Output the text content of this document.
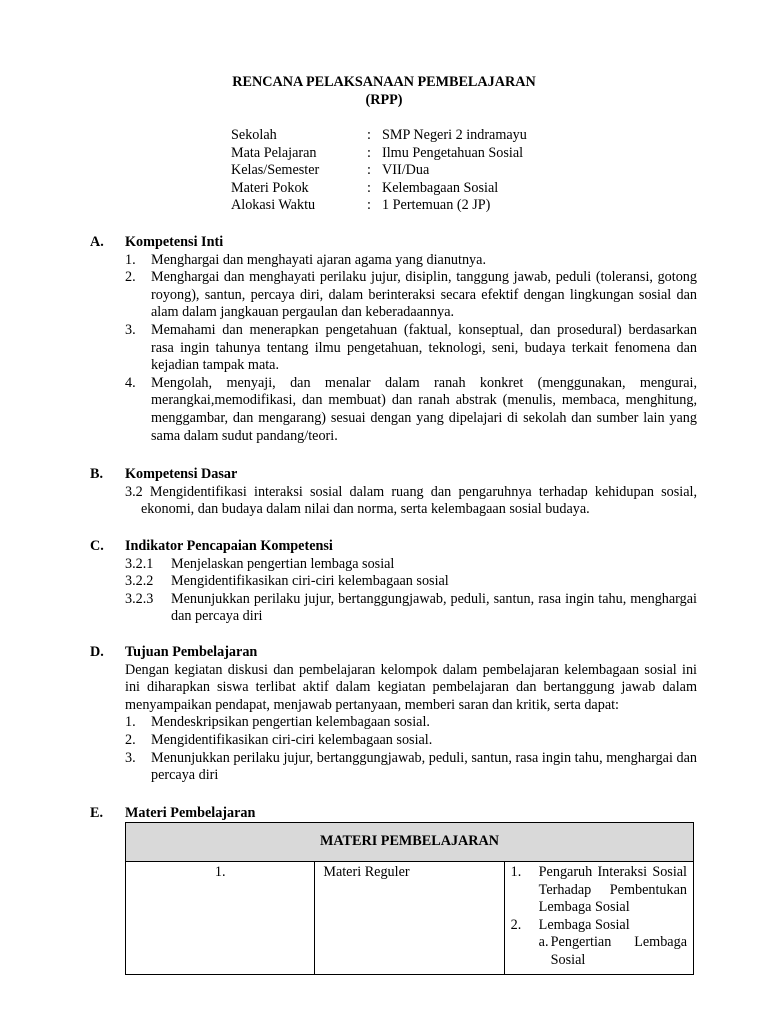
RENCANA PELAKSANAAN PEMBELAJARAN
(RPP)
Sekolah	: SMP Negeri 2 indramayu
Mata Pelajaran	: Ilmu Pengetahuan Sosial
Kelas/Semester	: VII/Dua
Materi Pokok	: Kelembagaan Sosial
Alokasi Waktu	: 1 Pertemuan (2 JP)
A. Kompetensi Inti
1. Menghargai dan menghayati ajaran agama yang dianutnya.
2. Menghargai dan menghayati perilaku jujur, disiplin, tanggung jawab, peduli (toleransi, gotong royong), santun, percaya diri, dalam berinteraksi secara efektif dengan lingkungan sosial dan alam dalam jangkauan pergaulan dan keberadaannya.
3. Memahami dan menerapkan pengetahuan (faktual, konseptual, dan prosedural) berdasarkan rasa ingin tahunya tentang ilmu pengetahuan, teknologi, seni, budaya terkait fenomena dan kejadian tampak mata.
4. Mengolah, menyaji, dan menalar dalam ranah konkret (menggunakan, mengurai, merangkai,memodifikasi, dan membuat) dan ranah abstrak (menulis, membaca, menghitung, menggambar, dan mengarang) sesuai dengan yang dipelajari di sekolah dan sumber lain yang sama dalam sudut pandang/teori.
B. Kompetensi Dasar
3.2 Mengidentifikasi interaksi sosial dalam ruang dan pengaruhnya terhadap kehidupan sosial, ekonomi, dan budaya dalam nilai dan norma, serta kelembagaan sosial budaya.
C. Indikator Pencapaian Kompetensi
3.2.1 Menjelaskan pengertian lembaga sosial
3.2.2 Mengidentifikasikan ciri-ciri kelembagaan sosial
3.2.3 Menunjukkan perilaku jujur, bertanggungjawab, peduli, santun, rasa ingin tahu, menghargai dan percaya diri
D. Tujuan Pembelajaran
Dengan kegiatan diskusi dan pembelajaran kelompok dalam pembelajaran kelembagaan sosial ini ini diharapkan siswa terlibat aktif dalam kegiatan pembelajaran dan bertanggung jawab dalam menyampaikan pendapat, menjawab pertanyaan, memberi saran dan kritik, serta dapat:
1. Mendeskripsikan pengertian kelembagaan sosial.
2. Mengidentifikasikan ciri-ciri kelembagaan sosial.
3. Menunjukkan perilaku jujur, bertanggungjawab, peduli, santun, rasa ingin tahu, menghargai dan percaya diri
E. Materi Pembelajaran
MATERI PEMBELAJARAN
1.	Materi Reguler	1. Pengaruh Interaksi Sosial Terhadap Pembentukan Lembaga Sosial
2. Lembaga Sosial
a. Pengertian Lembaga Sosial
